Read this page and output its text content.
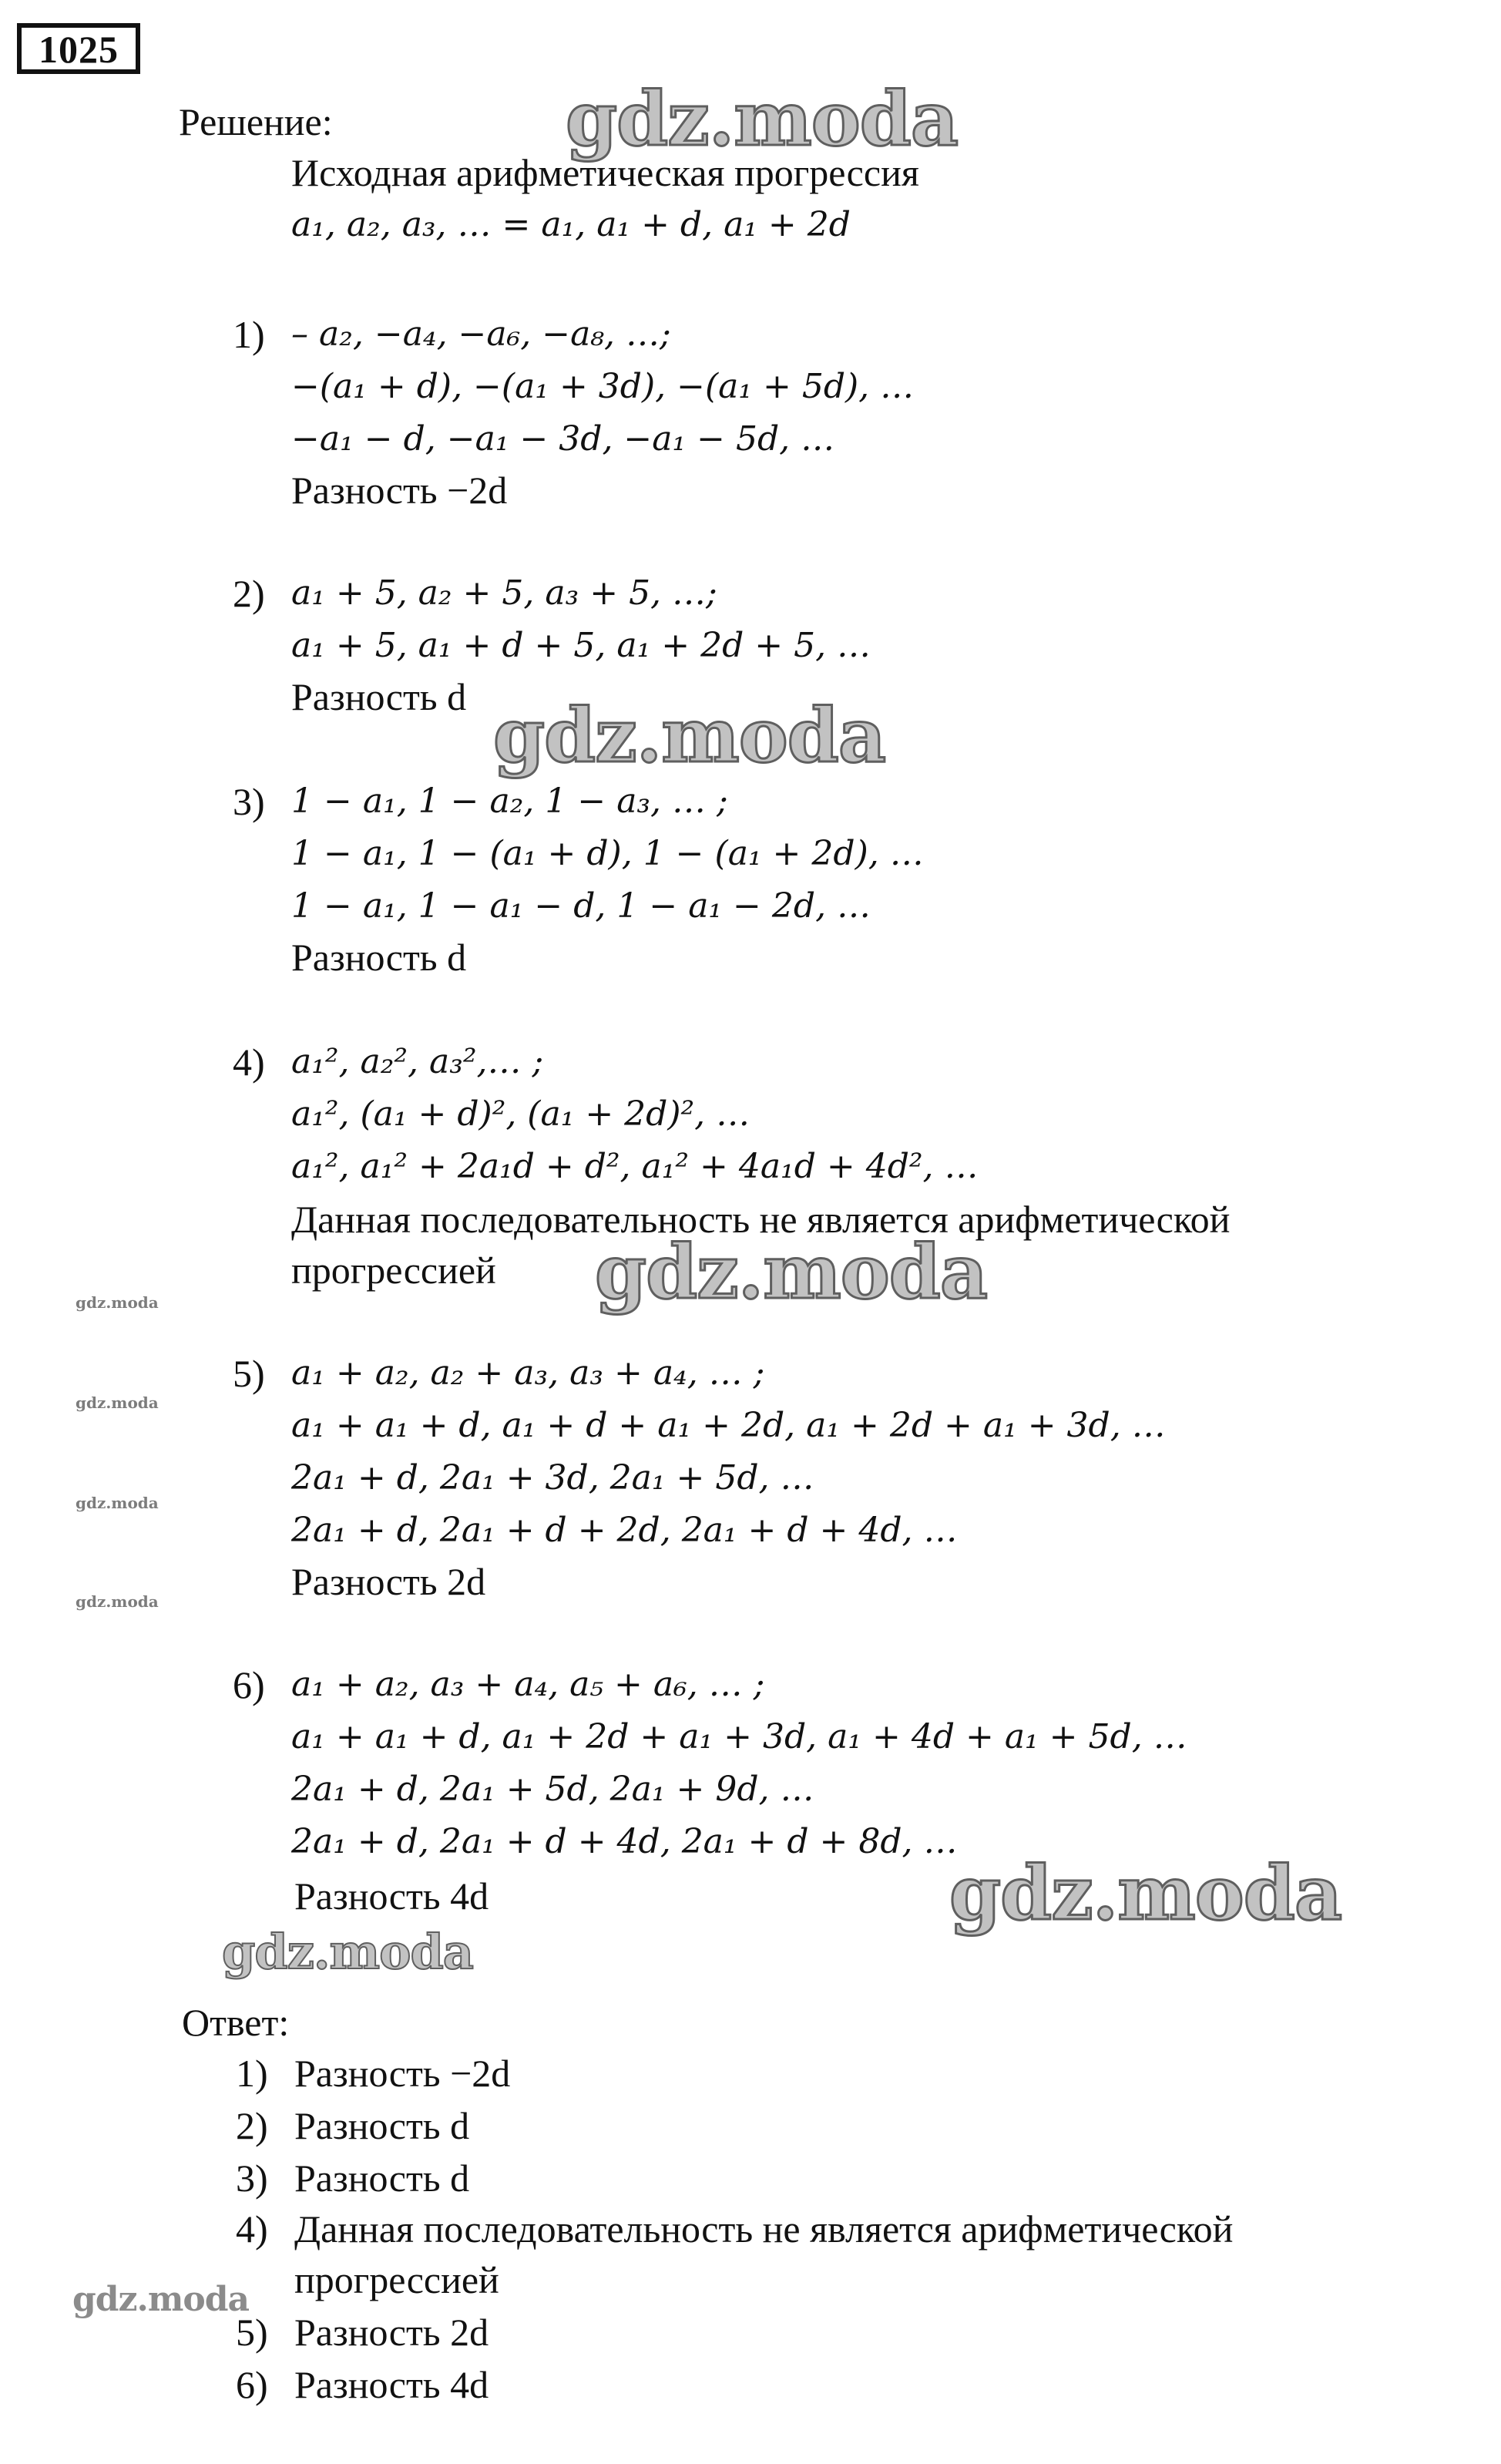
1025
Решение:
Исходная арифметическая прогрессия
a₁, a₂, a₃, … = a₁, a₁ + d, a₁ + 2d
1) – a₂, −a₄, −a₆, −a₈, …;
−(a₁ + d), −(a₁ + 3d), −(a₁ + 5d), …
−a₁ − d, −a₁ − 3d, −a₁ − 5d, …
Разность −2d
2) a₁ + 5, a₂ + 5, a₃ + 5, …;
a₁ + 5, a₁ + d + 5, a₁ + 2d + 5, …
Разность d
3) 1 − a₁, 1 − a₂, 1 − a₃, … ;
1 − a₁, 1 − (a₁ + d), 1 − (a₁ + 2d), …
1 − a₁, 1 − a₁ − d, 1 − a₁ − 2d, …
Разность d
4) a₁², a₂², a₃²,… ;
a₁², (a₁ + d)², (a₁ + 2d)², …
a₁², a₁² + 2a₁d + d², a₁² + 4a₁d + 4d², …
Данная последовательность не является арифметической
прогрессией
5) a₁ + a₂, a₂ + a₃, a₃ + a₄, … ;
a₁ + a₁ + d, a₁ + d + a₁ + 2d, a₁ + 2d + a₁ + 3d, …
2a₁ + d, 2a₁ + 3d, 2a₁ + 5d, …
2a₁ + d, 2a₁ + d + 2d, 2a₁ + d + 4d, …
Разность 2d
6) a₁ + a₂, a₃ + a₄, a₅ + a₆, … ;
a₁ + a₁ + d, a₁ + 2d + a₁ + 3d, a₁ + 4d + a₁ + 5d, …
2a₁ + d, 2a₁ + 5d, 2a₁ + 9d, …
2a₁ + d, 2a₁ + d + 4d, 2a₁ + d + 8d, …
Разность 4d
Ответ:
1) Разность −2d
2) Разность d
3) Разность d
4) Данная последовательность не является арифметической
прогрессией
5) Разность 2d
6) Разность 4d
gdz.moda
gdz.moda
gdz.moda
gdz.moda
gdz.moda
gdz.moda
gdz.moda
gdz.moda
gdz.moda
gdz.moda
